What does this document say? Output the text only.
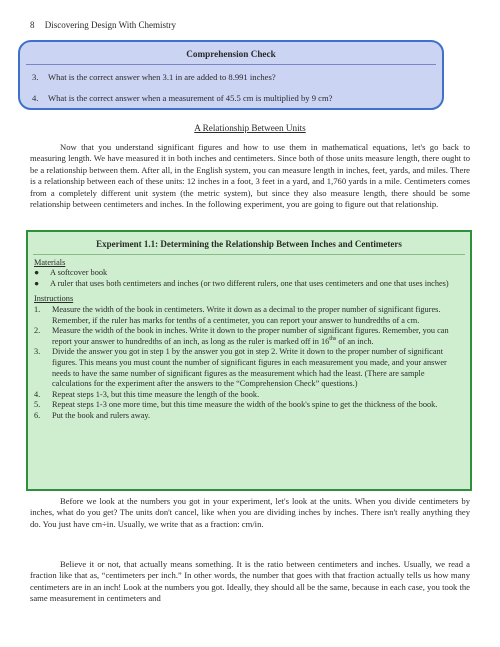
8 Discovering Design With Chemistry
Comprehension Check
3. What is the correct answer when 3.1 in are added to 8.991 inches?
4. What is the correct answer when a measurement of 45.5 cm is multiplied by 9 cm?
A Relationship Between Units

Now that you understand significant figures and how to use them in mathematical equations, let's go back to measuring length. We have measured it in both inches and centimeters. Since both of those units measure length, there ought to be a relationship between them. After all, in the English system, you can measure length in inches, feet, yards, and miles. There is a relationship between each of these units: 12 inches in a foot, 3 feet in a yard, and 1,760 yards in a mile. Centimeters comes from a completely different unit system (the metric system), but since they also measure length, there should be some relationship between centimeters and inches. In the following experiment, you are going to figure out that relationship.

Experiment 1.1: Determining the Relationship Between Inches and Centimeters
Materials
● A softcover book
● A ruler that uses both centimeters and inches (or two different rulers, one that uses centimeters and one that uses inches)
Instructions
1. Measure the width of the book in centimeters. Write it down as a decimal to the proper number of significant figures. Remember, if the ruler has marks for tenths of a centimeter, you can report your answer to hundredths of a cm.
2. Measure the width of the book in inches. Write it down to the proper number of significant figures. Remember, you can report your answer to hundredths of an inch, as long as the ruler is marked off in $16^{ths}$ of an inch.
3. Divide the answer you got in step 1 by the answer you got in step 2. Write it down to the proper number of significant figures. This means you must count the number of significant figures in each measurement you made, and your answer needs to have the same number of significant figures as the measurement which had the least. (There are sample calculations for the experiment after the answers to the “Comprehension Check” questions.)
4. Repeat steps 1-3, but this time measure the length of the book.
5. Repeat steps 1-3 one more time, but this time measure the width of the book's spine to get the thickness of the book.
6. Put the book and rulers away.

Before we look at the numbers you got in your experiment, let's look at the units. When you divide centimeters by inches, what do you get? The units don't cancel, like when you are dividing inches by inches. There isn't really anything they do. You just have cm÷in. Usually, we write that as a fraction: cm/in.

Believe it or not, that actually means something. It is the ratio between centimeters and inches. Usually, we read a fraction like that as, “centimeters per inch.” In other words, the number that goes with that fraction actually tells us how many centimeters are in an inch! Look at the numbers you got. Ideally, they should all be the same, because in each case, you took the same measurement in centimeters and
